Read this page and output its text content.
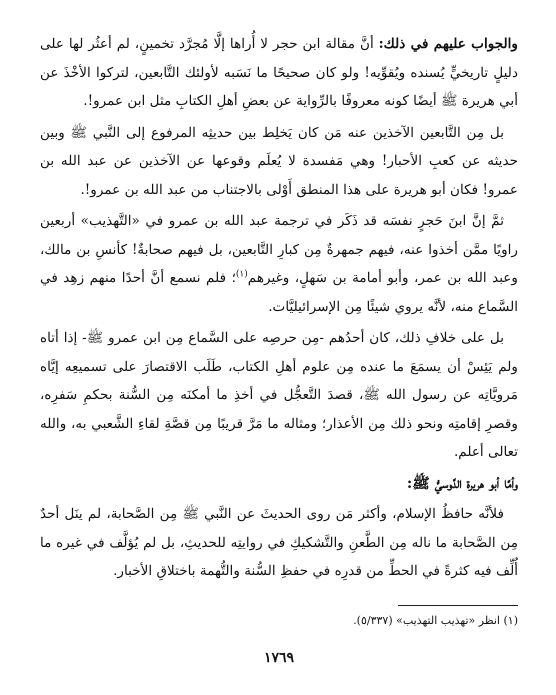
والجواب عليهم في ذلك: أنَّ مقالة ابن حجر لا أُراها إلَّا مُجرَّد تخمينٍ، لم أعثُر لها على دليلٍ تاريخيٍّ يُسنده ويُقوِّيه! ولو كان صحيحًا ما نَسَبه لأولئك التَّابعين، لتركوا الأخْذَ عن أبي هريرة ﷺ أيضًا كونه معروفًا بالرِّواية عن بعضِ أهلِ الكتابِ مثل ابن عمرو!.

بل مِن التَّابعين الآخذين عنه مَن كان يَخلِط بين حديثِه المرفوع إلى النَّبي ﷺ وبين حديثه عن كعبِ الأحبار! وهي مَفسدة لا يُعلَم وقوعها عن الآخذين عن عبد الله بن عمرو! فكان أبو هريرة على هذا المنطق أَوْلى بالاجتناب من عبد الله بن عمرو!.

ثمَّ إنَّ ابنَ حَجرٍ نفسَه قد ذَكَر في ترجمة عبد الله بن عمرو في «التَّهذيب» أربعين راويًا ممَّن أخذوا عنه، فيهم جمهرةٌ مِن كبارِ التَّابعين، بل فيهم صحابةٌ! كأنسِ بن مالك، وعبد الله بن عمر، وأبو أمامة بن سَهلٍ، وغيرهم$^{(١)}$؛ فلم نسمع أنَّ أحدًا منهم زهِد في السَّماع منه، لأنَّه يروي شيئًا مِن الإسرائيليَّات.

بل على خلافِ ذلك، كان أحدُهم -مِن حرصِه على السَّماع مِن ابن عمرو ﷺ- إذا أتاه ولم يَئِسْ أن يسمَعَ ما عنده مِن علوم أهلِ الكتاب، طَلَب الاقتصارَ على تسميعِه إيَّاه مَرويَّاتِه عن رسول الله ﷺ، قصدَ التَّعجُّل في أخذِ ما أمكنَه مِن السُّنة بحكمِ سَفرِه، وقصرِ إقامتِه ونحو ذلك مِن الأعذار؛ ومثاله ما مَرَّ قريبًا مِن قصَّةِ لقاءِ الشَّعبي به، والله تعالى أعلم.

وأمَّا أبو هريرة الدَّوسيُّ ﷺ:

فلأنَّه حافظُ الإسلام، وأكثر مَن روى الحديثَ عن النَّبي ﷺ مِن الصَّحابة، لم ينَل أحدٌ مِن الصَّحابة ما ناله مِن الطَّعنِ والتَّشكيكِ في روايتِه للحديثِ، بل لم يُؤلَّف في غيره ما أُلِّف فيه كثرةً في الحطِّ من قدرِه في حفظِ السُّنة والتُّهمة باختلاقِ الأخبار.

(١) انظر «تهذيب التهذيب» (٥/٣٣٧).
١٧٦٩
